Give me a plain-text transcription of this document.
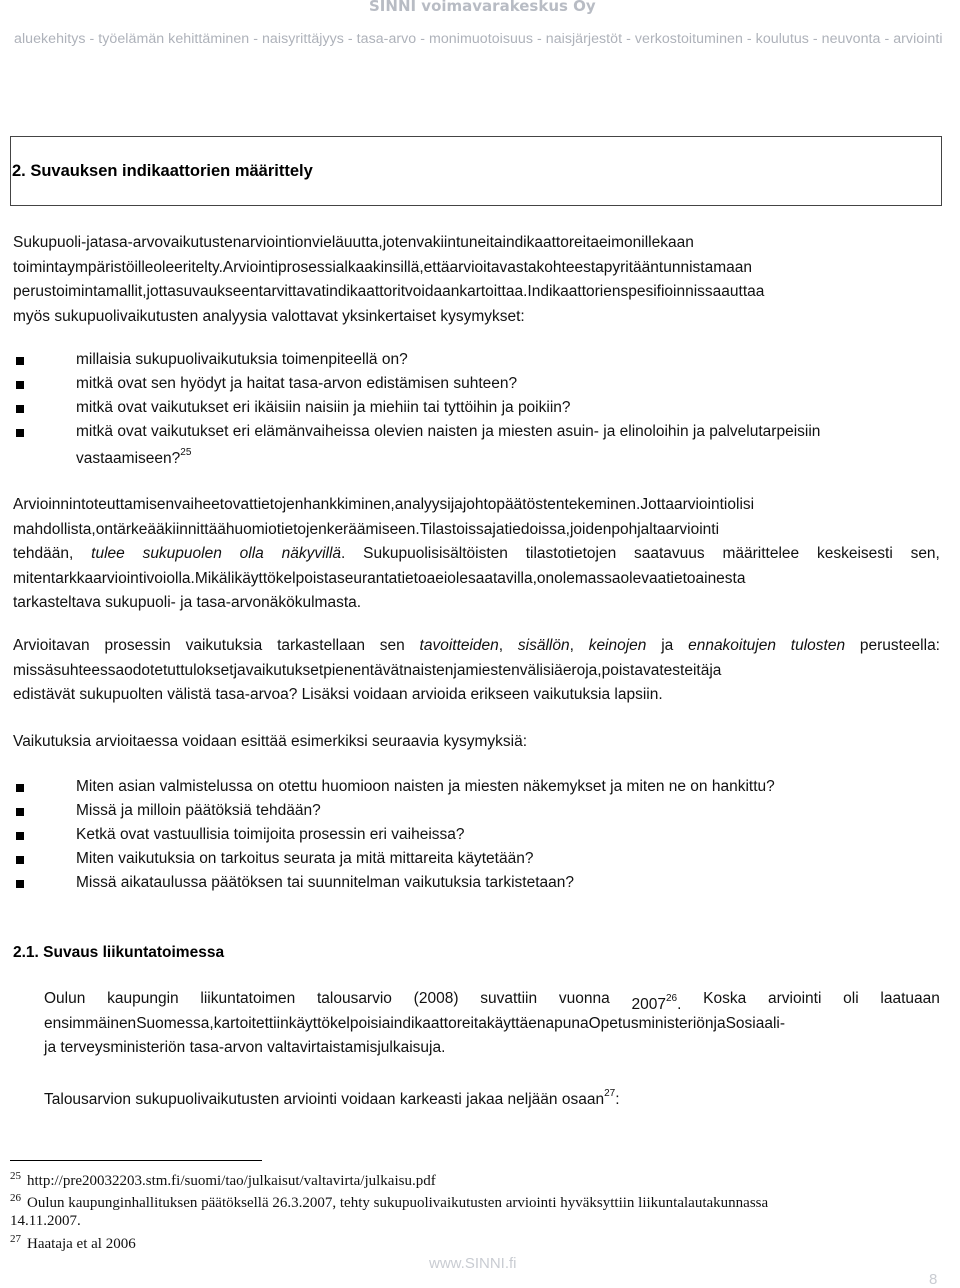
SINNI voimavarakeskus Oy
aluekehitys - työelämän kehittäminen - naisyrittäjyys - tasa-arvo - monimuotoisuus - naisjärjestöt - verkostoituminen - koulutus - neuvonta - arviointi
2. Suvauksen indikaattorien määrittely
Sukupuoli-jatasa-arvovaikutustenarviointionvieläuutta,jotenvakiintuneitaindikaattoreitaeimonillekaan
toimintaympäristöilleoleeritelty.Arviointiprosessialkaakinsillä,ettäarvioitavastakohteestapyritääntunnistamaan
perustoimintamallit,jottasuvaukseentarvittavatindikaattoritvoidaankartoittaa.Indikaattorienspesifioinnissaauttaa
myös sukupuolivaikutusten analyysia valottavat yksinkertaiset kysymykset:
millaisia sukupuolivaikutuksia toimenpiteellä on?
mitkä ovat sen hyödyt ja haitat tasa-arvon edistämisen suhteen?
mitkä ovat vaikutukset eri ikäisiin naisiin ja miehiin tai tyttöihin ja poikiin?
mitkä ovat vaikutukset eri elämänvaiheissa olevien naisten ja miesten asuin- ja elinoloihin ja palvelutarpeisiin
vastaamiseen?$^{25}$
Arvioinnintoteuttamisenvaiheetovattietojenhankkiminen,analyysijajohtopäätöstentekeminen.Jottaarviointiolisi
mahdollista,ontärkeääkiinnittäähuomiotietojenkeräämiseen.Tilastoissajatiedoissa,joidenpohjaltaarviointi
tehdään, tulee sukupuolen olla näkyvillä. Sukupuolisisältöisten tilastotietojen saatavuus määrittelee keskeisesti sen,
mitentarkkaarviointivoiolla.Mikälikäyttökelpoistaseurantatietoaeiolesaatavilla,onolemassaolevaatietoainesta
tarkasteltava sukupuoli- ja tasa-arvonäkökulmasta.
Arvioitavan prosessin vaikutuksia tarkastellaan sen tavoitteiden, sisällön, keinojen ja ennakoitujen tulosten perusteella:
missäsuhteessaodotetuttuloksetjavaikutuksetpienentävätnaistenjamiestenvälisiäeroja,poistavatesteitäja
edistävät sukupuolten välistä tasa-arvoa? Lisäksi voidaan arvioida erikseen vaikutuksia lapsiin.
Vaikutuksia arvioitaessa voidaan esittää esimerkiksi seuraavia kysymyksiä:
Miten asian valmistelussa on otettu huomioon naisten ja miesten näkemykset ja miten ne on hankittu?
Missä ja milloin päätöksiä tehdään?
Ketkä ovat vastuullisia toimijoita prosessin eri vaiheissa?
Miten vaikutuksia on tarkoitus seurata ja mitä mittareita käytetään?
Missä aikataulussa päätöksen tai suunnitelman vaikutuksia tarkistetaan?
2.1. Suvaus liikuntatoimessa
Oulun kaupungin liikuntatoimen talousarvio (2008) suvattiin vuonna 2007$^{26}$. Koska arviointi oli laatuaan
ensimmäinenSuomessa,kartoitettiinkäyttökelpoisiaindikaattoreitakäyttäenapunaOpetusministeriönjaSosiaali-
ja terveysministeriön tasa-arvon valtavirtaistamisjulkaisuja.
Talousarvion sukupuolivaikutusten arviointi voidaan karkeasti jakaa neljään osaan$^{27}$:
$^{25}$ http://pre20032203.stm.fi/suomi/tao/julkaisut/valtavirta/julkaisu.pdf
$^{26}$ Oulun kaupunginhallituksen päätöksellä 26.3.2007, tehty sukupuolivaikutusten arviointi hyväksyttiin liikuntalautakunnassa
14.11.2007.
$^{27}$ Haataja et al 2006
www.SINNI.fi
8
